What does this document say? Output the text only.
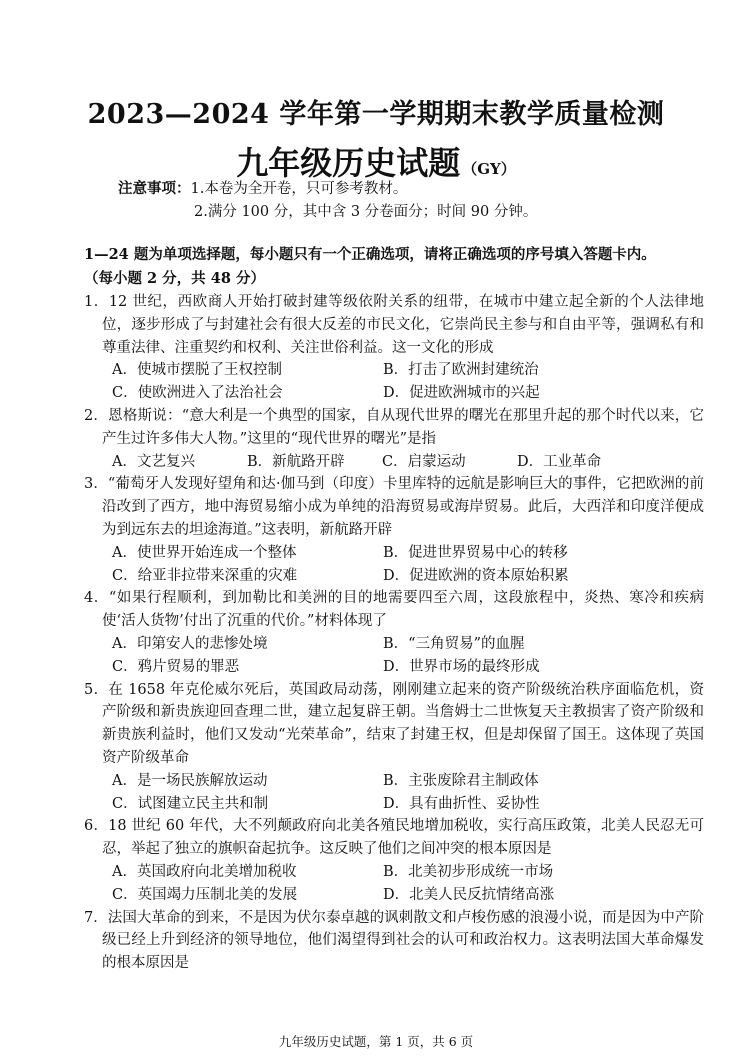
2023—2024 学年第一学期期末教学质量检测
九年级历史试题 （GY）
注意事项：1.本卷为全开卷，只可参考教材。
2.满分 100 分，其中含 3 分卷面分；时间 90 分钟。
1—24 题为单项选择题，每小题只有一个正确选项，请将正确选项的序号填入答题卡内。
（每小题 2 分，共 48 分）
1．12 世纪，西欧商人开始打破封建等级依附关系的纽带，在城市中建立起全新的个人法律地位，逐步形成了与封建社会有很大反差的市民文化，它崇尚民主参与和自由平等，强调私有和尊重法律、注重契约和权利、关注世俗利益。这一文化的形成
A．使城市摆脱了王权控制	B．打击了欧洲封建统治
C．使欧洲进入了法治社会	D．促进欧洲城市的兴起
2．恩格斯说：“意大利是一个典型的国家，自从现代世界的曙光在那里升起的那个时代以来，它产生过许多伟大人物。”这里的“现代世界的曙光”是指
A．文艺复兴	B．新航路开辟	C．启蒙运动	D．工业革命
3．“葡萄牙人发现好望角和达·伽马到（印度）卡里库特的远航是影响巨大的事件，它把欧洲的前沿改到了西方，地中海贸易缩小成为单纯的沿海贸易或海岸贸易。此后，大西洋和印度洋便成为到远东去的坦途海道。”这表明，新航路开辟
A．使世界开始连成一个整体	B．促进世界贸易中心的转移
C．给亚非拉带来深重的灾难	D．促进欧洲的资本原始积累
4．“如果行程顺利，到加勒比和美洲的目的地需要四至六周，这段旅程中，炎热、寒冷和疾病使‘活人货物’付出了沉重的代价。”材料体现了
A．印第安人的悲惨处境	B．“三角贸易”的血腥
C．鸦片贸易的罪恶	D．世界市场的最终形成
5．在 1658 年克伦威尔死后，英国政局动荡，刚刚建立起来的资产阶级统治秩序面临危机，资产阶级和新贵族迎回查理二世，建立起复辟王朝。当詹姆士二世恢复天主教损害了资产阶级和新贵族利益时，他们又发动“光荣革命”，结束了封建王权，但是却保留了国王。这体现了英国资产阶级革命
A．是一场民族解放运动	B．主张废除君主制政体
C．试图建立民主共和制	D．具有曲折性、妥协性
6．18 世纪 60 年代，大不列颠政府向北美各殖民地增加税收，实行高压政策，北美人民忍无可忍，举起了独立的旗帜奋起抗争。这反映了他们之间冲突的根本原因是
A．英国政府向北美增加税收	B．北美初步形成统一市场
C．英国竭力压制北美的发展	D．北美人民反抗情绪高涨
7．法国大革命的到来，不是因为伏尔泰卓越的讽刺散文和卢梭伤感的浪漫小说，而是因为中产阶级已经上升到经济的领导地位，他们渴望得到社会的认可和政治权力。这表明法国大革命爆发的根本原因是
九年级历史试题，第 1 页，共 6 页
